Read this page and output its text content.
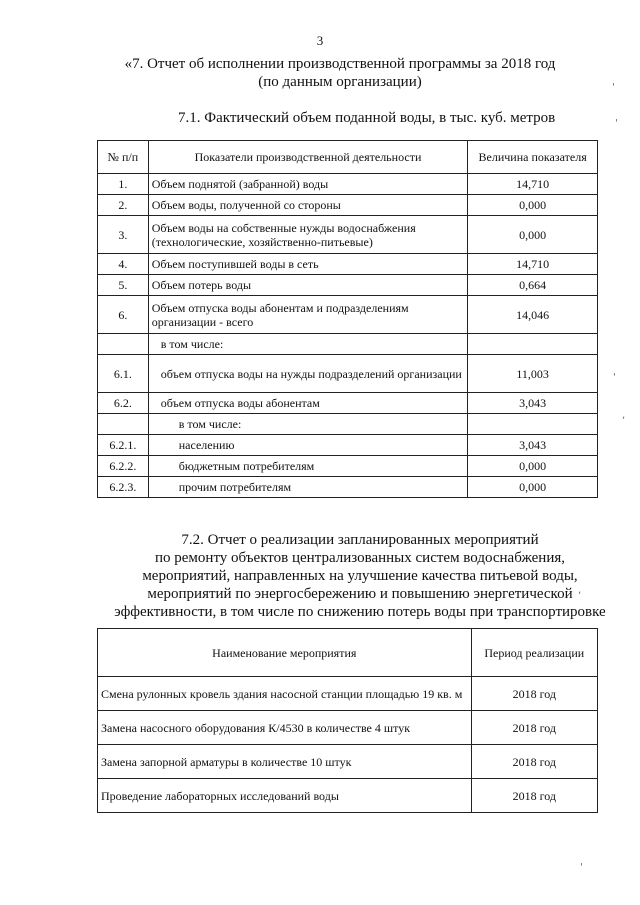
3
«7. Отчет об исполнении производственной программы за 2018 год
(по данным организации)
7.1. Фактический объем поданной воды, в тыс. куб. метров
№ п/п	Показатели производственной деятельности	Величина показателя
1.	Объем поднятой (забранной) воды	14,710
2.	Объем воды, полученной со стороны	0,000
3.	Объем воды на собственные нужды водоснабжения (технологические, хозяйственно-питьевые)	0,000
4.	Объем поступившей воды в сеть	14,710
5.	Объем потерь воды	0,664
6.	Объем отпуска воды абонентам и подразделениям организации - всего	14,046
	в том числе:	
6.1.	объем отпуска воды на нужды подразделений организации	11,003
6.2.	объем отпуска воды абонентам	3,043
	в том числе:	
6.2.1.	населению	3,043
6.2.2.	бюджетным потребителям	0,000
6.2.3.	прочим потребителям	0,000
7.2. Отчет о реализации запланированных мероприятий
по ремонту объектов централизованных систем водоснабжения,
мероприятий, направленных на улучшение качества питьевой воды,
мероприятий по энергосбережению и повышению энергетической
эффективности, в том числе по снижению потерь воды при транспортировке
Наименование мероприятия	Период реализации
Смена рулонных кровель здания насосной станции площадью 19 кв. м	2018 год
Замена насосного оборудования К/4530 в количестве 4 штук	2018 год
Замена запорной арматуры в количестве 10 штук	2018 год
Проведение лабораторных исследований воды	2018 год
'
'
'
,
,
'
